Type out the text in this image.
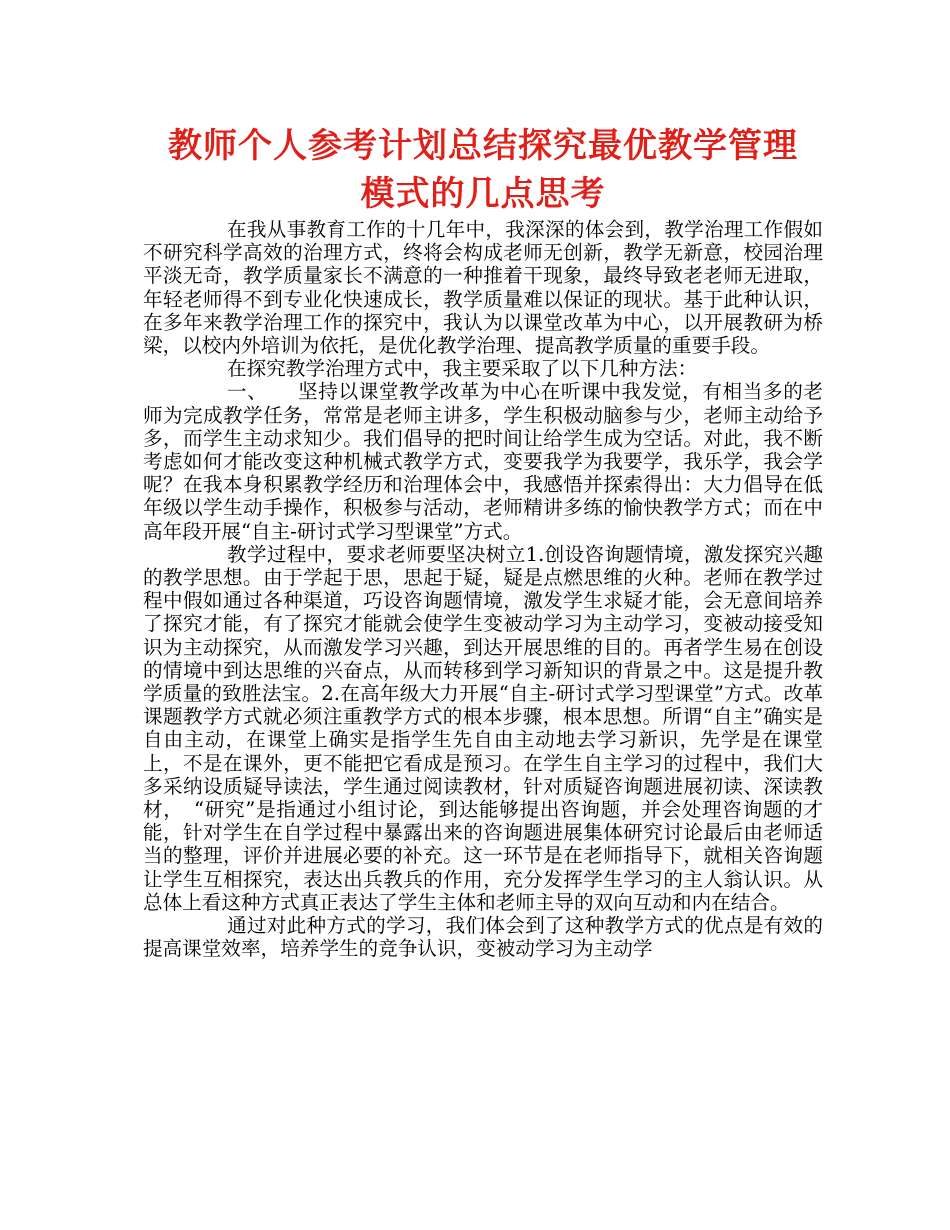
教师个人参考计划总结探究最优教学管理
模式的几点思考

在我从事教育工作的十几年中，我深深的体会到，教学治理工作假如不研究科学高效的治理方式，终将会构成老师无创新，教学无新意，校园治理平淡无奇，教学质量家长不满意的一种推着干现象，最终导致老老师无进取，年轻老师得不到专业化快速成长，教学质量难以保证的现状。基于此种认识，在多年来教学治理工作的探究中，我认为以课堂改革为中心，以开展教研为桥梁，以校内外培训为依托，是优化教学治理、提高教学质量的重要手段。

在探究教学治理方式中，我主要采取了以下几种方法：

一、　　坚持以课堂教学改革为中心在听课中我发觉，有相当多的老师为完成教学任务，常常是老师主讲多，学生积极动脑参与少，老师主动给予多，而学生主动求知少。我们倡导的把时间让给学生成为空话。对此，我不断考虑如何才能改变这种机械式教学方式，变要我学为我要学，我乐学，我会学呢？在我本身积累教学经历和治理体会中，我感悟并探索得出：大力倡导在低年级以学生动手操作，积极参与活动，老师精讲多练的愉快教学方式；而在中高年段开展“自主-研讨式学习型课堂”方式。

教学过程中，要求老师要坚决树立1.创设咨询题情境，激发探究兴趣的教学思想。由于学起于思，思起于疑，疑是点燃思维的火种。老师在教学过程中假如通过各种渠道，巧设咨询题情境，激发学生求疑才能，会无意间培养了探究才能，有了探究才能就会使学生变被动学习为主动学习，变被动接受知识为主动探究，从而激发学习兴趣，到达开展思维的目的。再者学生易在创设的情境中到达思维的兴奋点，从而转移到学习新知识的背景之中。这是提升教学质量的致胜法宝。2.在高年级大力开展“自主-研讨式学习型课堂”方式。改革课题教学方式就必须注重教学方式的根本步骤，根本思想。所谓“自主”确实是自由主动，在课堂上确实是指学生先自由主动地去学习新识，先学是在课堂上，不是在课外，更不能把它看成是预习。在学生自主学习的过程中，我们大多采纳设质疑导读法，学生通过阅读教材，针对质疑咨询题进展初读、深读教材，　“研究”是指通过小组讨论，到达能够提出咨询题，并会处理咨询题的才能，针对学生在自学过程中暴露出来的咨询题进展集体研究讨论最后由老师适当的整理，评价并进展必要的补充。这一环节是在老师指导下，就相关咨询题让学生互相探究，表达出兵教兵的作用，充分发挥学生学习的主人翁认识。从总体上看这种方式真正表达了学生主体和老师主导的双向互动和内在结合。

通过对此种方式的学习，我们体会到了这种教学方式的优点是有效的提高课堂效率，培养学生的竞争认识，变被动学习为主动学
